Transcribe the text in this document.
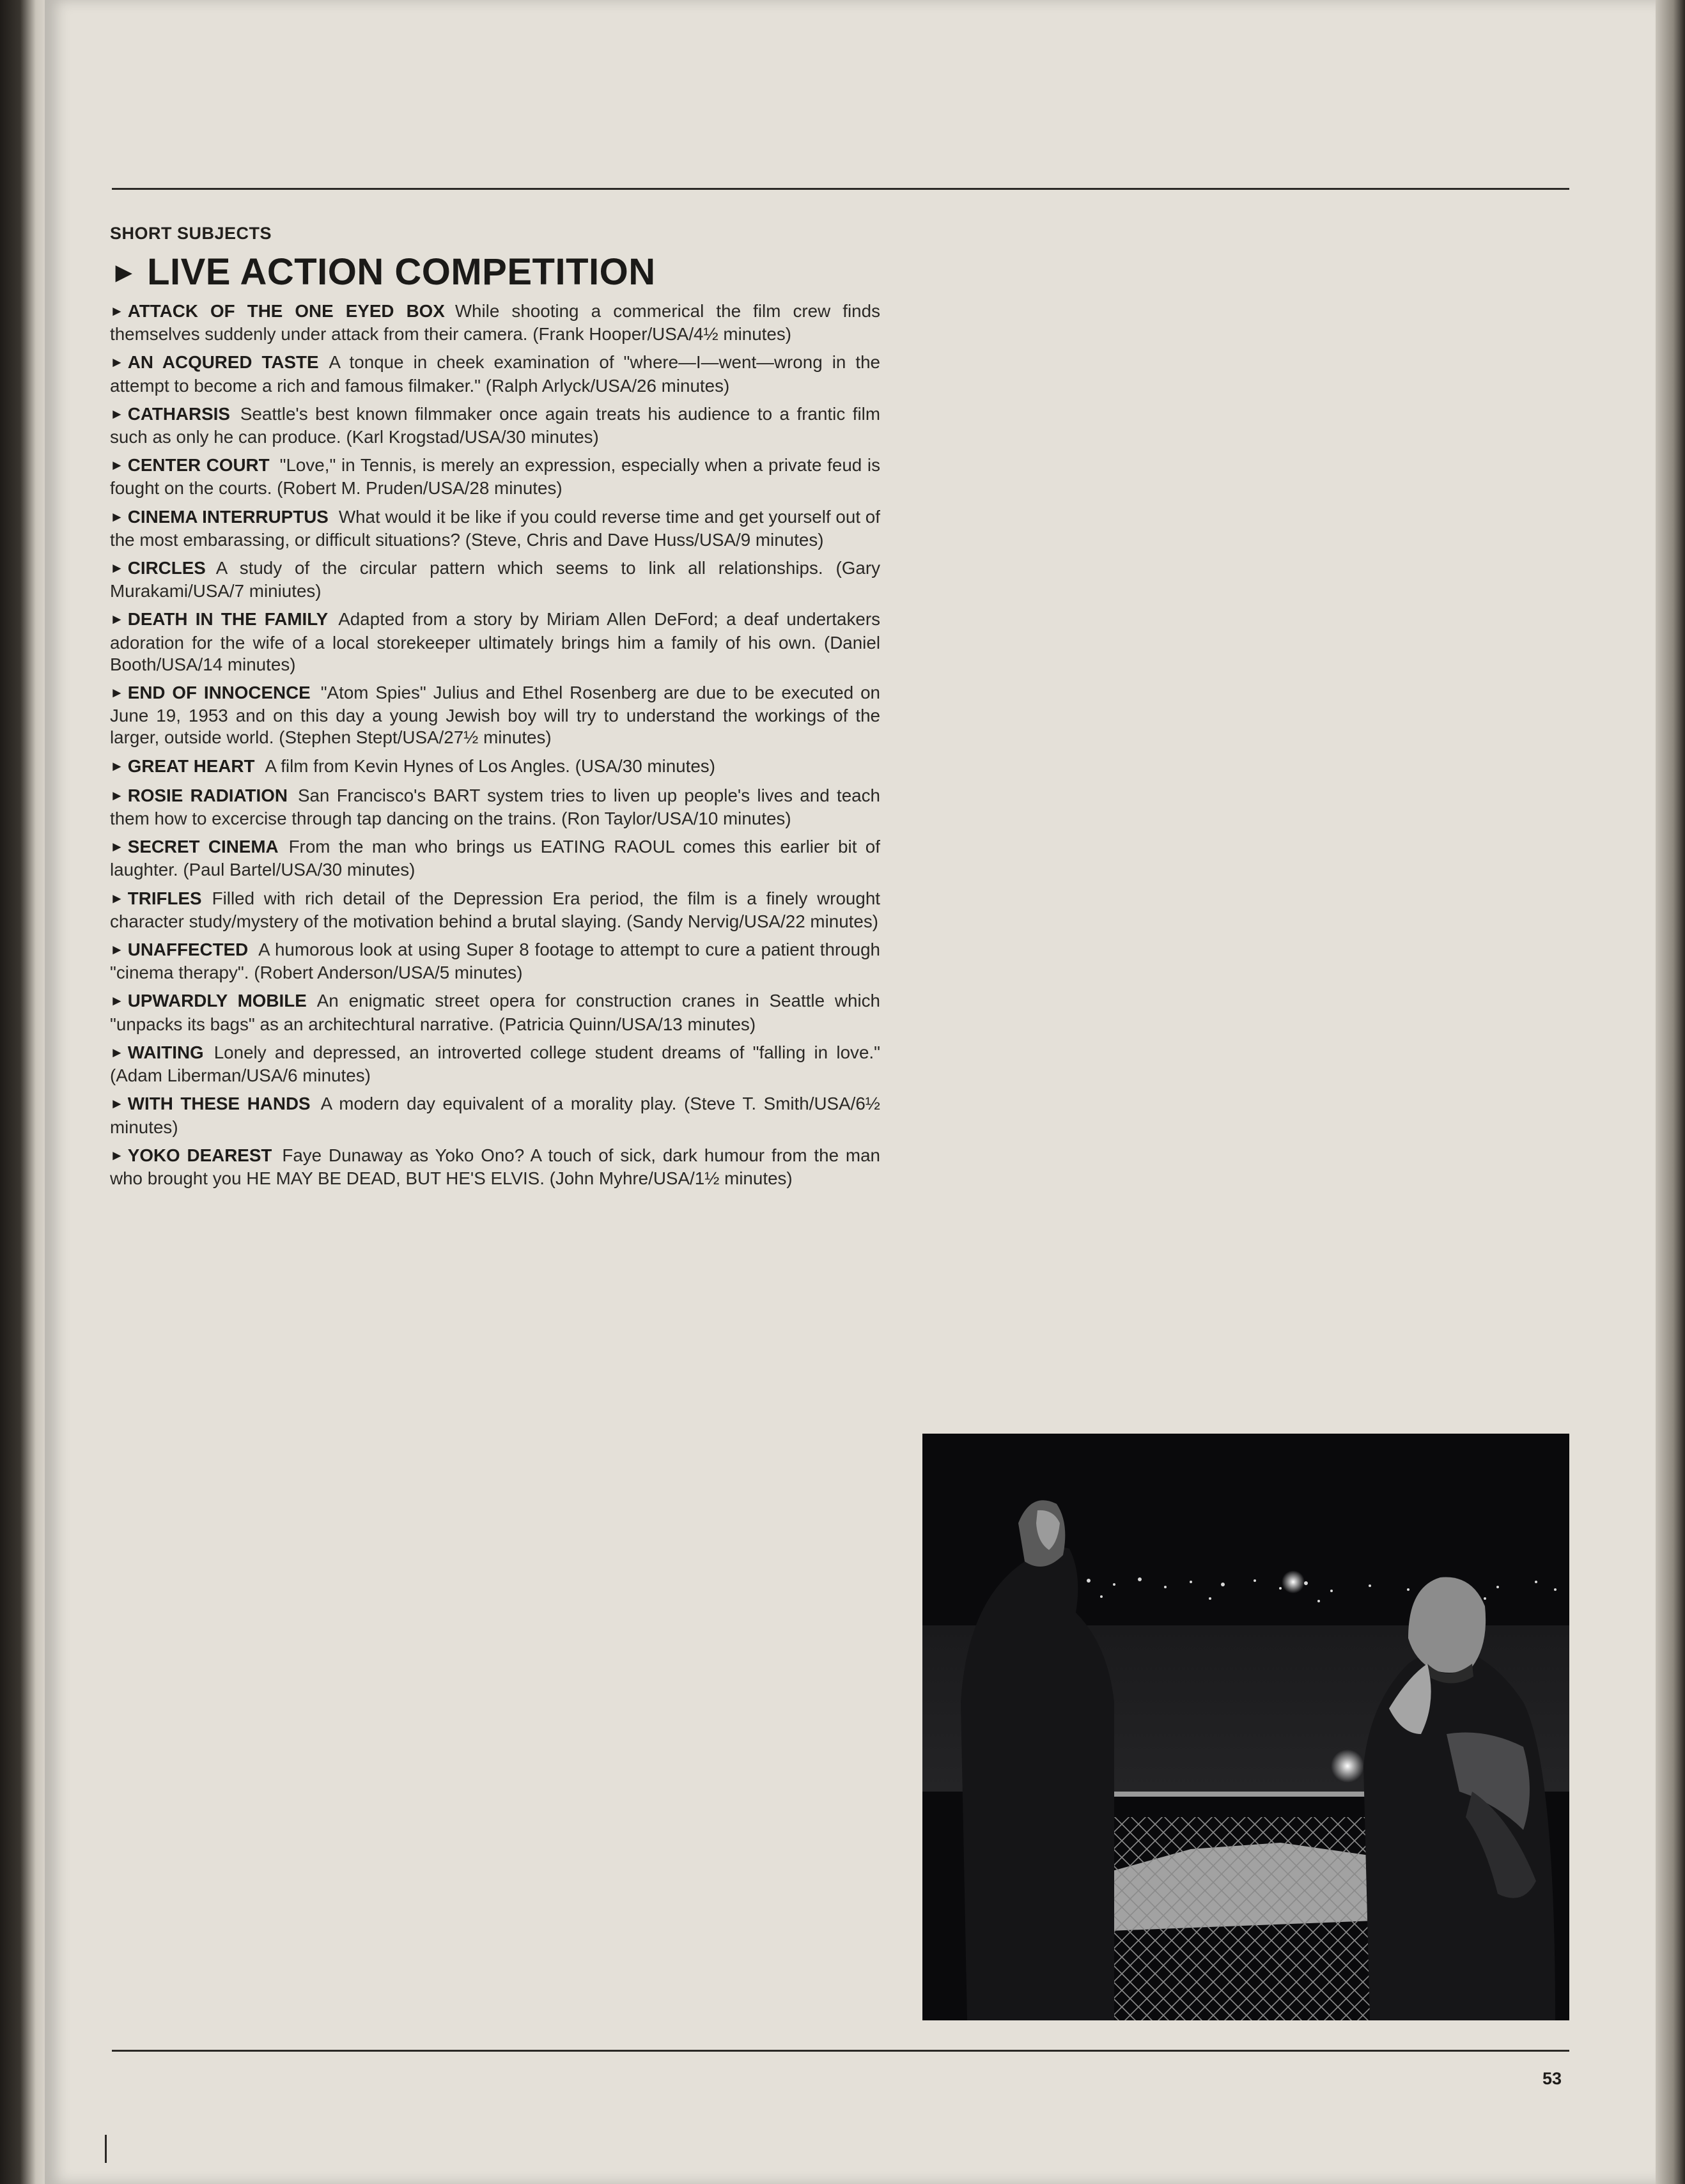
SHORT SUBJECTS
► LIVE ACTION COMPETITION

► ATTACK OF THE ONE EYED BOX While shooting a commerical the film crew finds themselves suddenly under attack from their camera. (Frank Hooper/USA/4½ minutes)

► AN ACQURED TASTE A tonque in cheek examination of "where—I—went—wrong in the attempt to become a rich and famous filmaker." (Ralph Arlyck/USA/26 minutes)

► CATHARSIS Seattle's best known filmmaker once again treats his audience to a frantic film such as only he can produce. (Karl Krogstad/USA/30 minutes)

► CENTER COURT "Love," in Tennis, is merely an expression, especially when a private feud is fought on the courts. (Robert M. Pruden/USA/28 minutes)

► CINEMA INTERRUPTUS What would it be like if you could reverse time and get yourself out of the most embarassing, or difficult situations? (Steve, Chris and Dave Huss/USA/9 minutes)

► CIRCLES A study of the circular pattern which seems to link all relationships. (Gary Murakami/USA/7 miniutes)

► DEATH IN THE FAMILY Adapted from a story by Miriam Allen DeFord; a deaf undertakers adoration for the wife of a local storekeeper ultimately brings him a family of his own. (Daniel Booth/USA/14 minutes)

► END OF INNOCENCE "Atom Spies" Julius and Ethel Rosenberg are due to be executed on June 19, 1953 and on this day a young Jewish boy will try to understand the workings of the larger, outside world. (Stephen Stept/USA/27½ minutes)

► GREAT HEART A film from Kevin Hynes of Los Angles. (USA/30 minutes)

► ROSIE RADIATION San Francisco's BART system tries to liven up people's lives and teach them how to excercise through tap dancing on the trains. (Ron Taylor/USA/10 minutes)

► SECRET CINEMA From the man who brings us EATING RAOUL comes this earlier bit of laughter. (Paul Bartel/USA/30 minutes)

► TRIFLES Filled with rich detail of the Depression Era period, the film is a finely wrought character study/mystery of the motivation behind a brutal slaying. (Sandy Nervig/USA/22 minutes)

► UNAFFECTED A humorous look at using Super 8 footage to attempt to cure a patient through "cinema therapy". (Robert Anderson/USA/5 minutes)

► UPWARDLY MOBILE An enigmatic street opera for construction cranes in Seattle which "unpacks its bags" as an architechtural narrative. (Patricia Quinn/USA/13 minutes)

► WAITING Lonely and depressed, an introverted college student dreams of "falling in love." (Adam Liberman/USA/6 minutes)

► WITH THESE HANDS A modern day equivalent of a morality play. (Steve T. Smith/USA/6½ minutes)

► YOKO DEAREST Faye Dunaway as Yoko Ono? A touch of sick, dark humour from the man who brought you HE MAY BE DEAD, BUT HE'S ELVIS. (John Myhre/USA/1½ minutes)

53
